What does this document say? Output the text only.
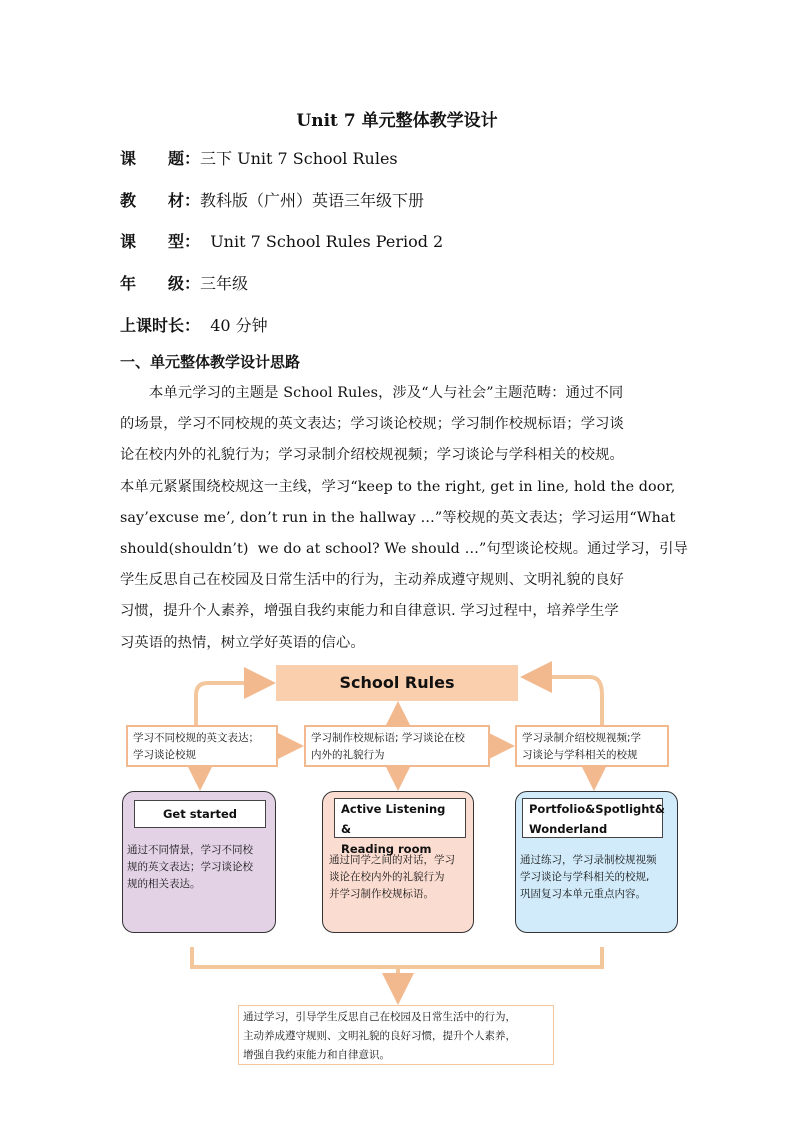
Unit 7 单元整体教学设计
课　　题：三下 Unit 7 School Rules
教　　材：教科版（广州）英语三年级下册
课　　型：  Unit 7 School Rules Period 2
年　　级：三年级
上课时长：  40 分钟
一、单元整体教学设计思路
本单元学习的主题是 School Rules，涉及“人与社会”主题范畴：通过不同
的场景，学习不同校规的英文表达；学习谈论校规；学习制作校规标语；学习谈
论在校内外的礼貌行为；学习录制介绍校规视频；学习谈论与学科相关的校规。
本单元紧紧围绕校规这一主线，学习“keep to the right, get in line, hold the door,
say’excuse me’, don’t run in the hallway …”等校规的英文表达；学习运用“What
should(shouldn’t)  we do at school? We should …”句型谈论校规。通过学习，引导
学生反思自己在校园及日常生活中的行为，主动养成遵守规则、文明礼貌的良好
习惯，提升个人素养，增强自我约束能力和自律意识. 学习过程中，培养学生学
习英语的热情，树立学好英语的信心。
School Rules
学习不同校规的英文表达；
学习谈论校规
学习制作校规标语; 学习谈论在校
内外的礼貌行为
学习录制介绍校规视频;学
习谈论与学科相关的校规
Get started
通过不同情景，学习不同校
规的英文表达；学习谈论校
规的相关表达。
Active Listening &
Reading room
通过同学之间的对话，学习
谈论在校内外的礼貌行为
并学习制作校规标语。
Portfolio&Spotlight&
Wonderland
通过练习，学习录制校规视频
学习谈论与学科相关的校规,
巩固复习本单元重点内容。
通过学习，引导学生反思自己在校园及日常生活中的行为，
主动养成遵守规则、文明礼貌的良好习惯，提升个人素养，
增强自我约束能力和自律意识。
